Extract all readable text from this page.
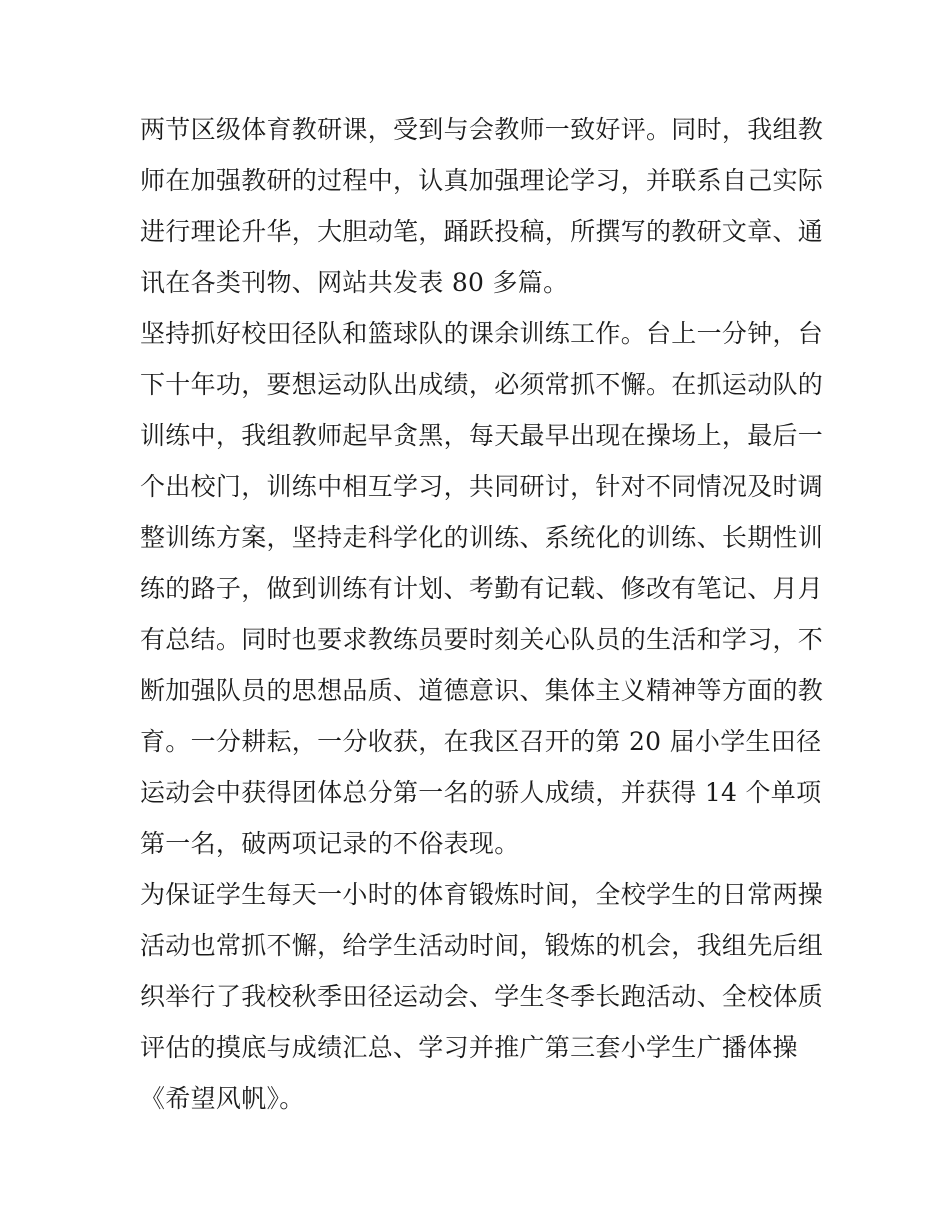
两节区级体育教研课，受到与会教师一致好评。同时，我组教
师在加强教研的过程中，认真加强理论学习，并联系自己实际
进行理论升华，大胆动笔，踊跃投稿，所撰写的教研文章、通
讯在各类刊物、网站共发表 80 多篇。
坚持抓好校田径队和篮球队的课余训练工作。台上一分钟，台
下十年功，要想运动队出成绩，必须常抓不懈。在抓运动队的
训练中，我组教师起早贪黑，每天最早出现在操场上，最后一
个出校门，训练中相互学习，共同研讨，针对不同情况及时调
整训练方案，坚持走科学化的训练、系统化的训练、长期性训
练的路子，做到训练有计划、考勤有记载、修改有笔记、月月
有总结。同时也要求教练员要时刻关心队员的生活和学习，不
断加强队员的思想品质、道德意识、集体主义精神等方面的教
育。一分耕耘，一分收获，在我区召开的第 20 届小学生田径
运动会中获得团体总分第一名的骄人成绩，并获得 14 个单项
第一名，破两项记录的不俗表现。
为保证学生每天一小时的体育锻炼时间，全校学生的日常两操
活动也常抓不懈，给学生活动时间，锻炼的机会，我组先后组
织举行了我校秋季田径运动会、学生冬季长跑活动、全校体质
评估的摸底与成绩汇总、学习并推广第三套小学生广播体操
《希望风帆》。
